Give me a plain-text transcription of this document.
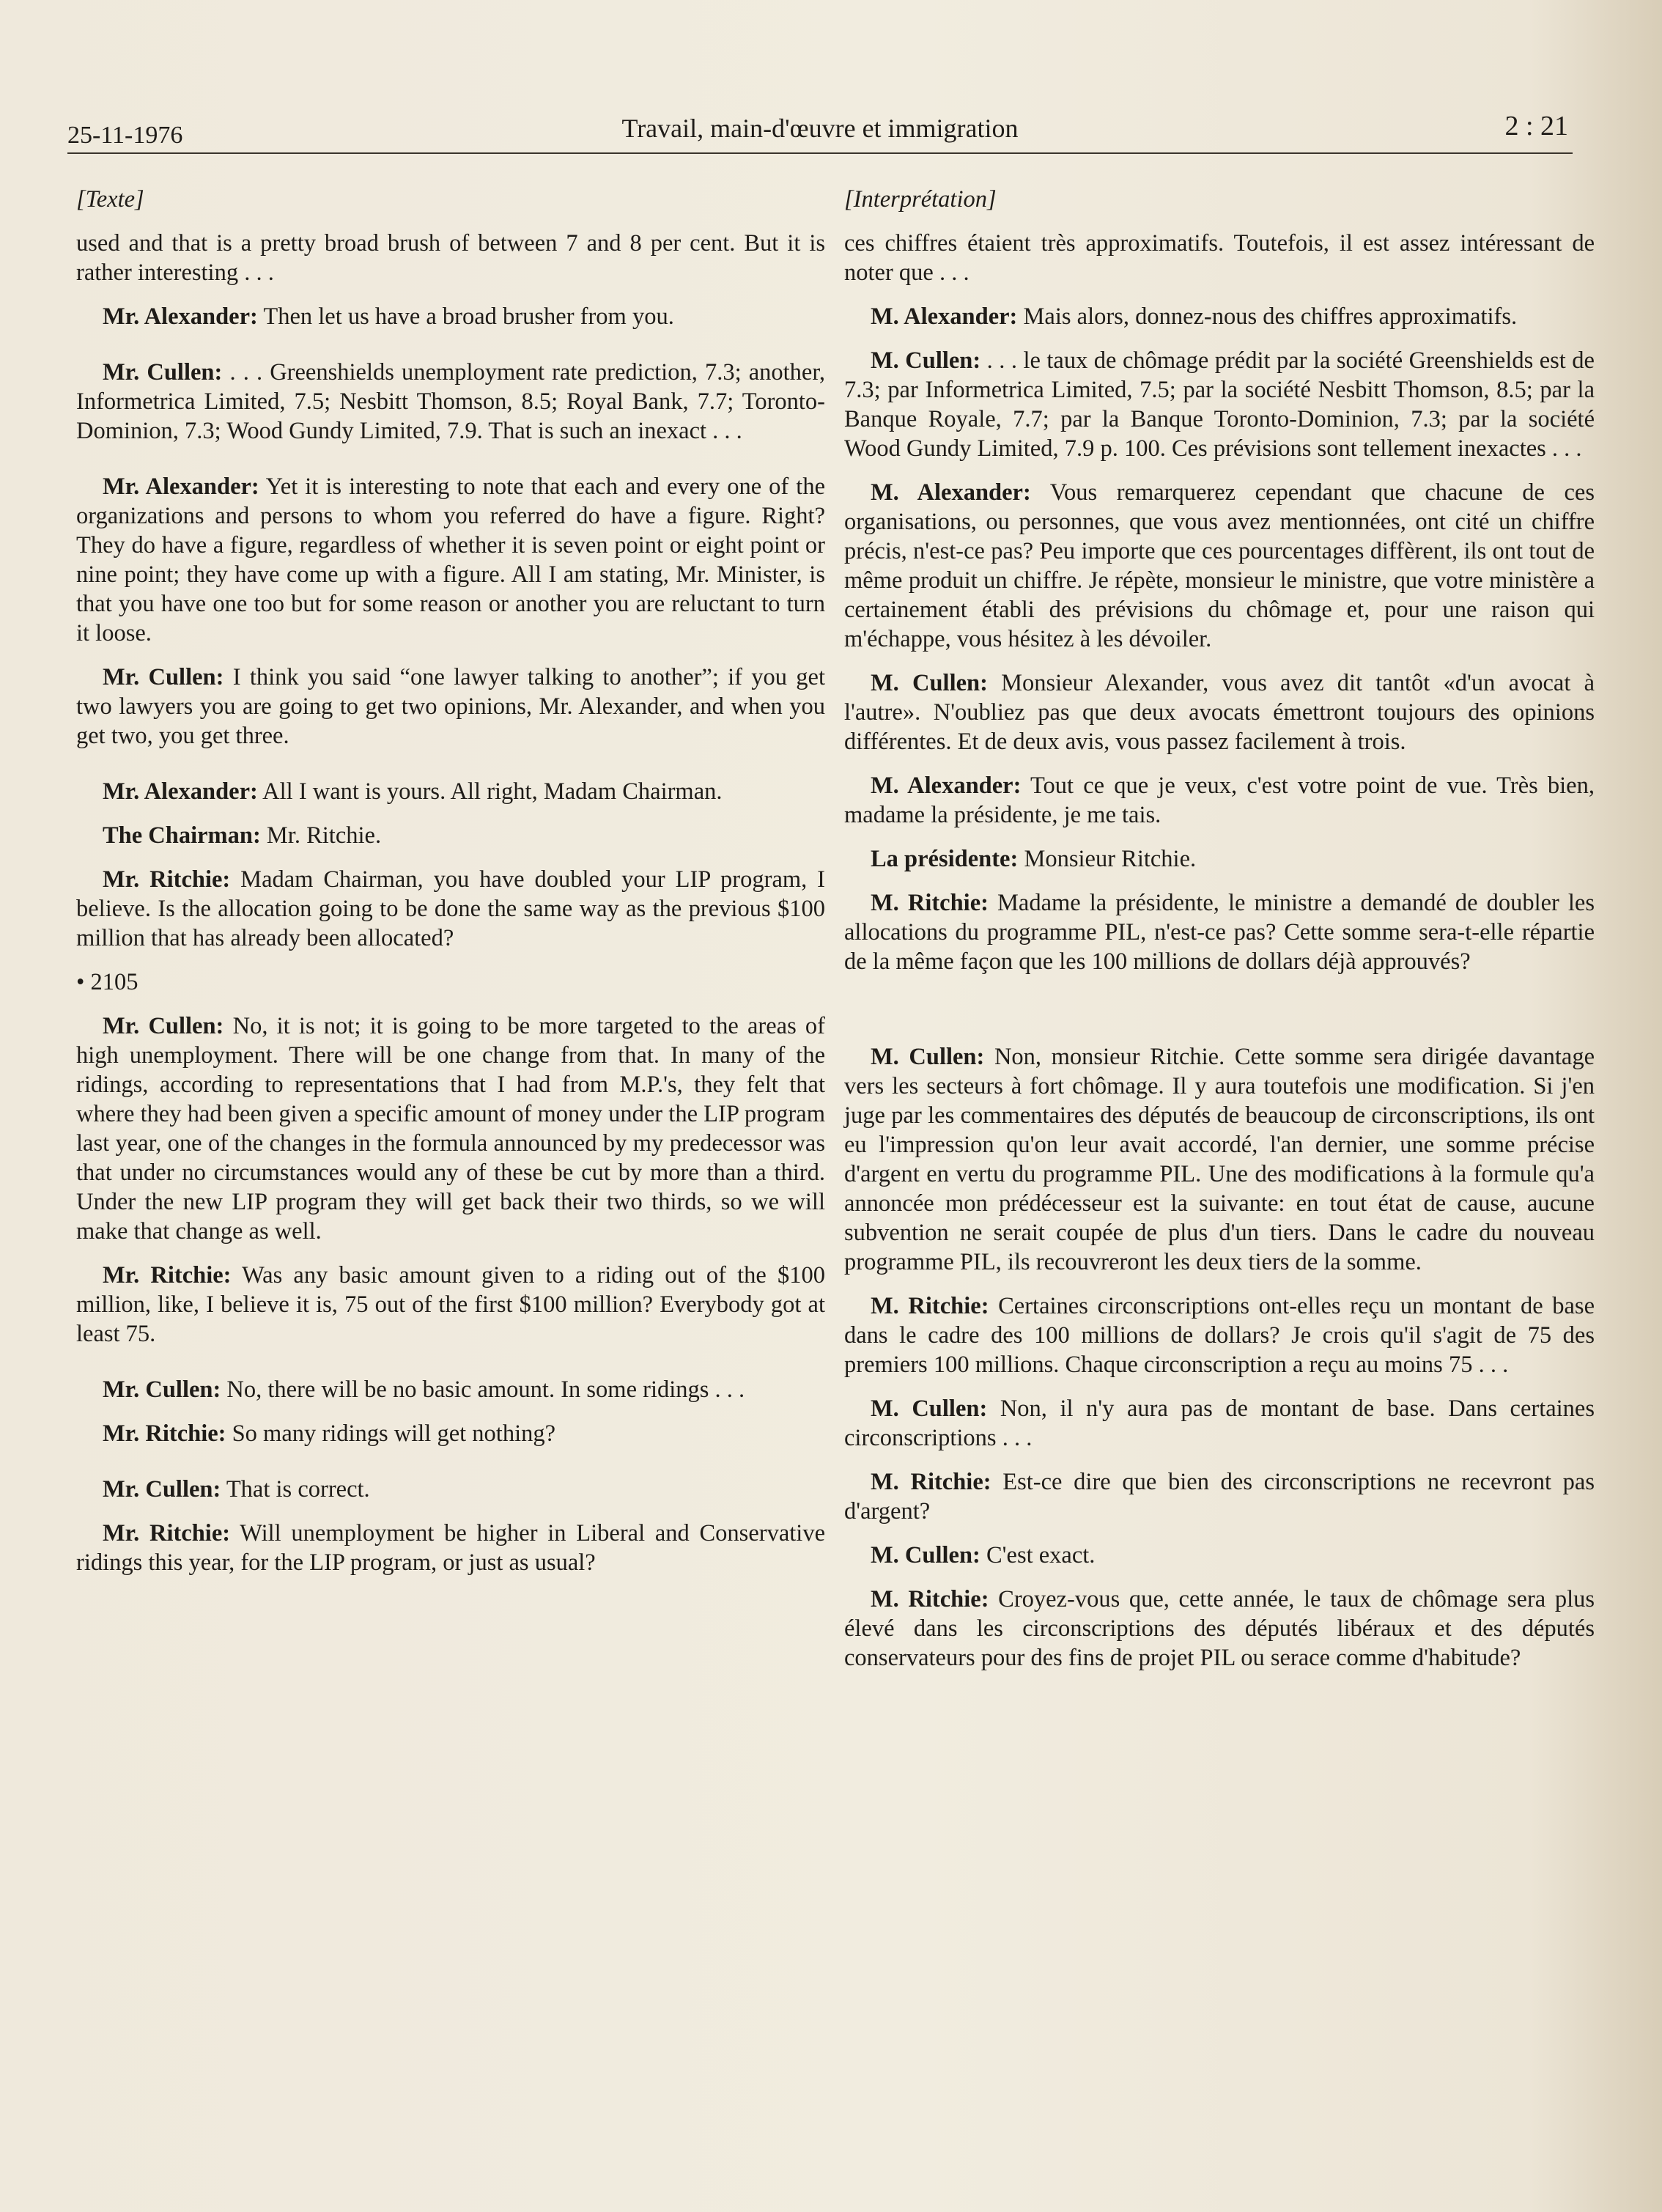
25-11-1976	Travail, main-d'œuvre et immigration	2 : 21

[Texte]

used and that is a pretty broad brush of between 7 and 8 per cent. But it is rather interesting . . .

Mr. Alexander: Then let us have a broad brusher from you.

Mr. Cullen: . . . Greenshields unemployment rate prediction, 7.3; another, Informetrica Limited, 7.5; Nesbitt Thomson, 8.5; Royal Bank, 7.7; Toronto-Dominion, 7.3; Wood Gundy Limited, 7.9. That is such an inexact . . .

Mr. Alexander: Yet it is interesting to note that each and every one of the organizations and persons to whom you referred do have a figure. Right? They do have a figure, regardless of whether it is seven point or eight point or nine point; they have come up with a figure. All I am stating, Mr. Minister, is that you have one too but for some reason or another you are reluctant to turn it loose.

Mr. Cullen: I think you said “one lawyer talking to another”; if you get two lawyers you are going to get two opinions, Mr. Alexander, and when you get two, you get three.

Mr. Alexander: All I want is yours. All right, Madam Chairman.

The Chairman: Mr. Ritchie.

Mr. Ritchie: Madam Chairman, you have doubled your LIP program, I believe. Is the allocation going to be done the same way as the previous $100 million that has already been allocated?

• 2105

Mr. Cullen: No, it is not; it is going to be more targeted to the areas of high unemployment. There will be one change from that. In many of the ridings, according to representations that I had from M.P.'s, they felt that where they had been given a specific amount of money under the LIP program last year, one of the changes in the formula announced by my predecessor was that under no circumstances would any of these be cut by more than a third. Under the new LIP program they will get back their two thirds, so we will make that change as well.

Mr. Ritchie: Was any basic amount given to a riding out of the $100 million, like, I believe it is, 75 out of the first $100 million? Everybody got at least 75.

Mr. Cullen: No, there will be no basic amount. In some ridings . . .

Mr. Ritchie: So many ridings will get nothing?

Mr. Cullen: That is correct.

Mr. Ritchie: Will unemployment be higher in Liberal and Conservative ridings this year, for the LIP program, or just as usual?

[Interprétation]

ces chiffres étaient très approximatifs. Toutefois, il est assez intéressant de noter que . . .

M. Alexander: Mais alors, donnez-nous des chiffres approximatifs.

M. Cullen: . . . le taux de chômage prédit par la société Greenshields est de 7.3; par Informetrica Limited, 7.5; par la société Nesbitt Thomson, 8.5; par la Banque Royale, 7.7; par la Banque Toronto-Dominion, 7.3; par la société Wood Gundy Limited, 7.9 p. 100. Ces prévisions sont tellement inexactes . . .

M. Alexander: Vous remarquerez cependant que chacune de ces organisations, ou personnes, que vous avez mentionnées, ont cité un chiffre précis, n'est-ce pas? Peu importe que ces pourcentages diffèrent, ils ont tout de même produit un chiffre. Je répète, monsieur le ministre, que votre ministère a certainement établi des prévisions du chômage et, pour une raison qui m'échappe, vous hésitez à les dévoiler.

M. Cullen: Monsieur Alexander, vous avez dit tantôt «d'un avocat à l'autre». N'oubliez pas que deux avocats émettront toujours des opinions différentes. Et de deux avis, vous passez facilement à trois.

M. Alexander: Tout ce que je veux, c'est votre point de vue. Très bien, madame la présidente, je me tais.

La présidente: Monsieur Ritchie.

M. Ritchie: Madame la présidente, le ministre a demandé de doubler les allocations du programme PIL, n'est-ce pas? Cette somme sera-t-elle répartie de la même façon que les 100 millions de dollars déjà approuvés?

M. Cullen: Non, monsieur Ritchie. Cette somme sera dirigée davantage vers les secteurs à fort chômage. Il y aura toutefois une modification. Si j'en juge par les commentaires des députés de beaucoup de circonscriptions, ils ont eu l'impression qu'on leur avait accordé, l'an dernier, une somme précise d'argent en vertu du programme PIL. Une des modifications à la formule qu'a annoncée mon prédécesseur est la suivante: en tout état de cause, aucune subvention ne serait coupée de plus d'un tiers. Dans le cadre du nouveau programme PIL, ils recouvreront les deux tiers de la somme.

M. Ritchie: Certaines circonscriptions ont-elles reçu un montant de base dans le cadre des 100 millions de dollars? Je crois qu'il s'agit de 75 des premiers 100 millions. Chaque circonscription a reçu au moins 75 . . .

M. Cullen: Non, il n'y aura pas de montant de base. Dans certaines circonscriptions . . .

M. Ritchie: Est-ce dire que bien des circonscriptions ne recevront pas d'argent?

M. Cullen: C'est exact.

M. Ritchie: Croyez-vous que, cette année, le taux de chômage sera plus élevé dans les circonscriptions des députés libéraux et des députés conservateurs pour des fins de projet PIL ou serace comme d'habitude?
